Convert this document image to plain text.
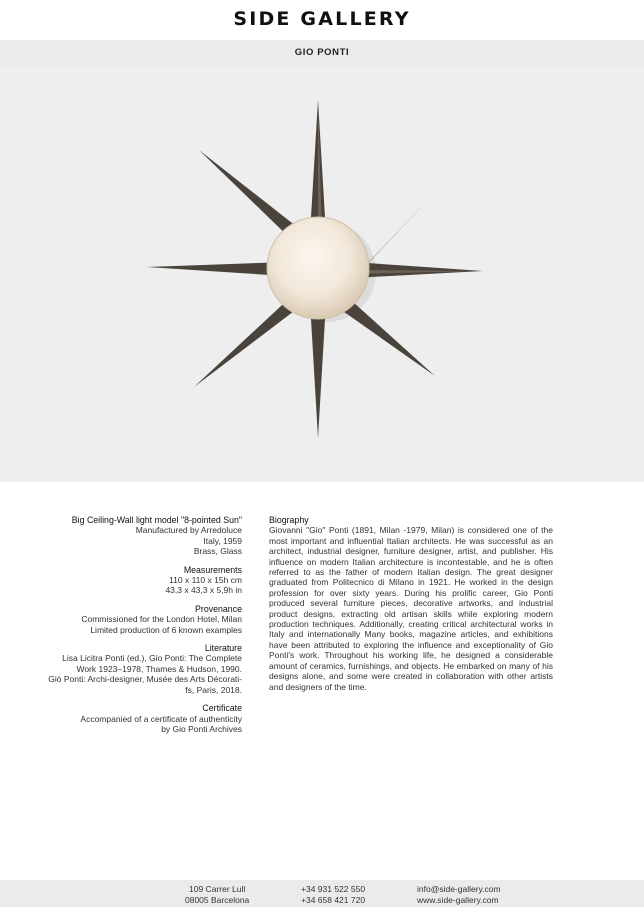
SIDE GALLERY
GIO PONTI
Big Ceiling-Wall light model "8-pointed Sun"
Manufactured by Arredoluce
Italy, 1959
Brass, Glass
Measurements
110 x 110 x 15h cm
43,3 x 43,3 x 5,9h in
Provenance
Commissioned for the London Hotel, Milan
Limited production of 6 known examples
Literature
Lisa Licitra Ponti (ed.), Gio Ponti: The Complete
Work 1923–1978, Thames & Hudson, 1990.
Giò Ponti: Archi-designer, Musée des Arts Décorati-
fs, Paris, 2018.
Certificate
Accompanied of a certificate of authenticity
by Gio Ponti Archives
Biography
Giovanni "Gio" Ponti (1891, Milan -1979, Milan) is considered one of the most important and influential Italian architects. He was successful as an architect, industrial designer, furniture designer, artist, and publisher. His influence on modern Italian architecture is incontestable, and he is often referred to as the father of modern Italian design. The great designer graduated from Politecnico di Milano in 1921. He worked in the design profession for over sixty years. During his prolific career, Gio Ponti produced several furniture pieces, decorative artworks, and industrial product designs, extracting old artisan skills while exploring modern production techniques. Additionally, creating critical architectural works in Italy and internationally Many books, magazine articles, and exhibitions have been attributed to exploring the influence and exceptionality of Gio Ponti's work. Throughout his working life, he designed a considerable amount of ceramics, furnishings, and objects. He embarked on many of his designs alone, and some were created in collaboration with other artists and designers of the time.
109 Carrer Lull
08005 Barcelona
+34 931 522 550
+34 658 421 720
info@side-gallery.com
www.side-gallery.com
